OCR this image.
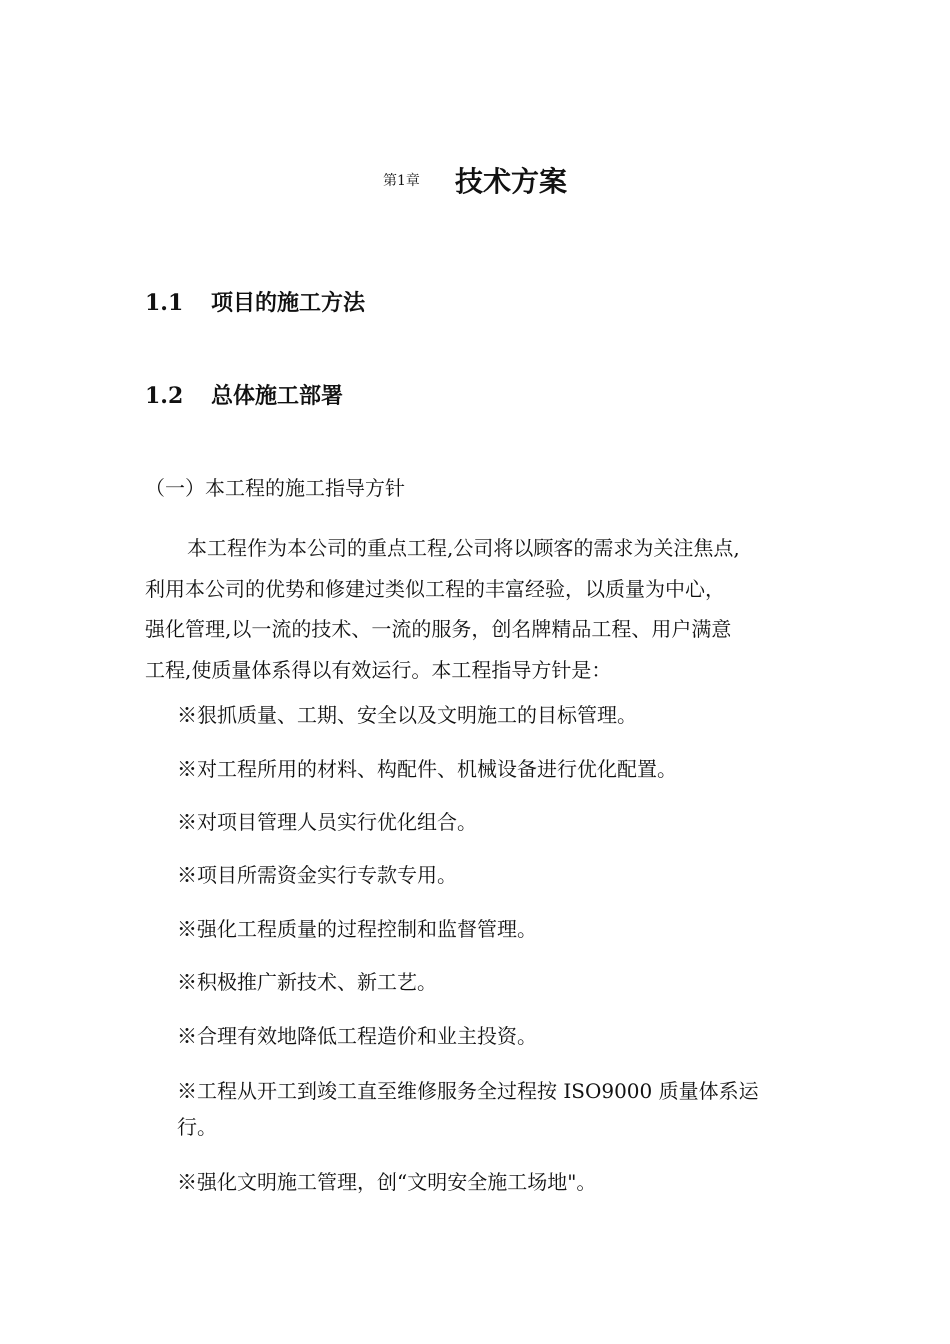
第1章 技术方案
1.1 项目的施工方法
1.2 总体施工部署
（一）本工程的施工指导方针
本工程作为本公司的重点工程,公司将以顾客的需求为关注焦点,
利用本公司的优势和修建过类似工程的丰富经验，以质量为中心，
强化管理,以一流的技术、一流的服务，创名牌精品工程、用户满意
工程,使质量体系得以有效运行。本工程指导方针是：
※狠抓质量、工期、安全以及文明施工的目标管理。
※对工程所用的材料、构配件、机械设备进行优化配置。
※对项目管理人员实行优化组合。
※项目所需资金实行专款专用。
※强化工程质量的过程控制和监督管理。
※积极推广新技术、新工艺。
※合理有效地降低工程造价和业主投资。
※工程从开工到竣工直至维修服务全过程按 ISO9000 质量体系运
行。
※强化文明施工管理，创“文明安全施工场地"。
